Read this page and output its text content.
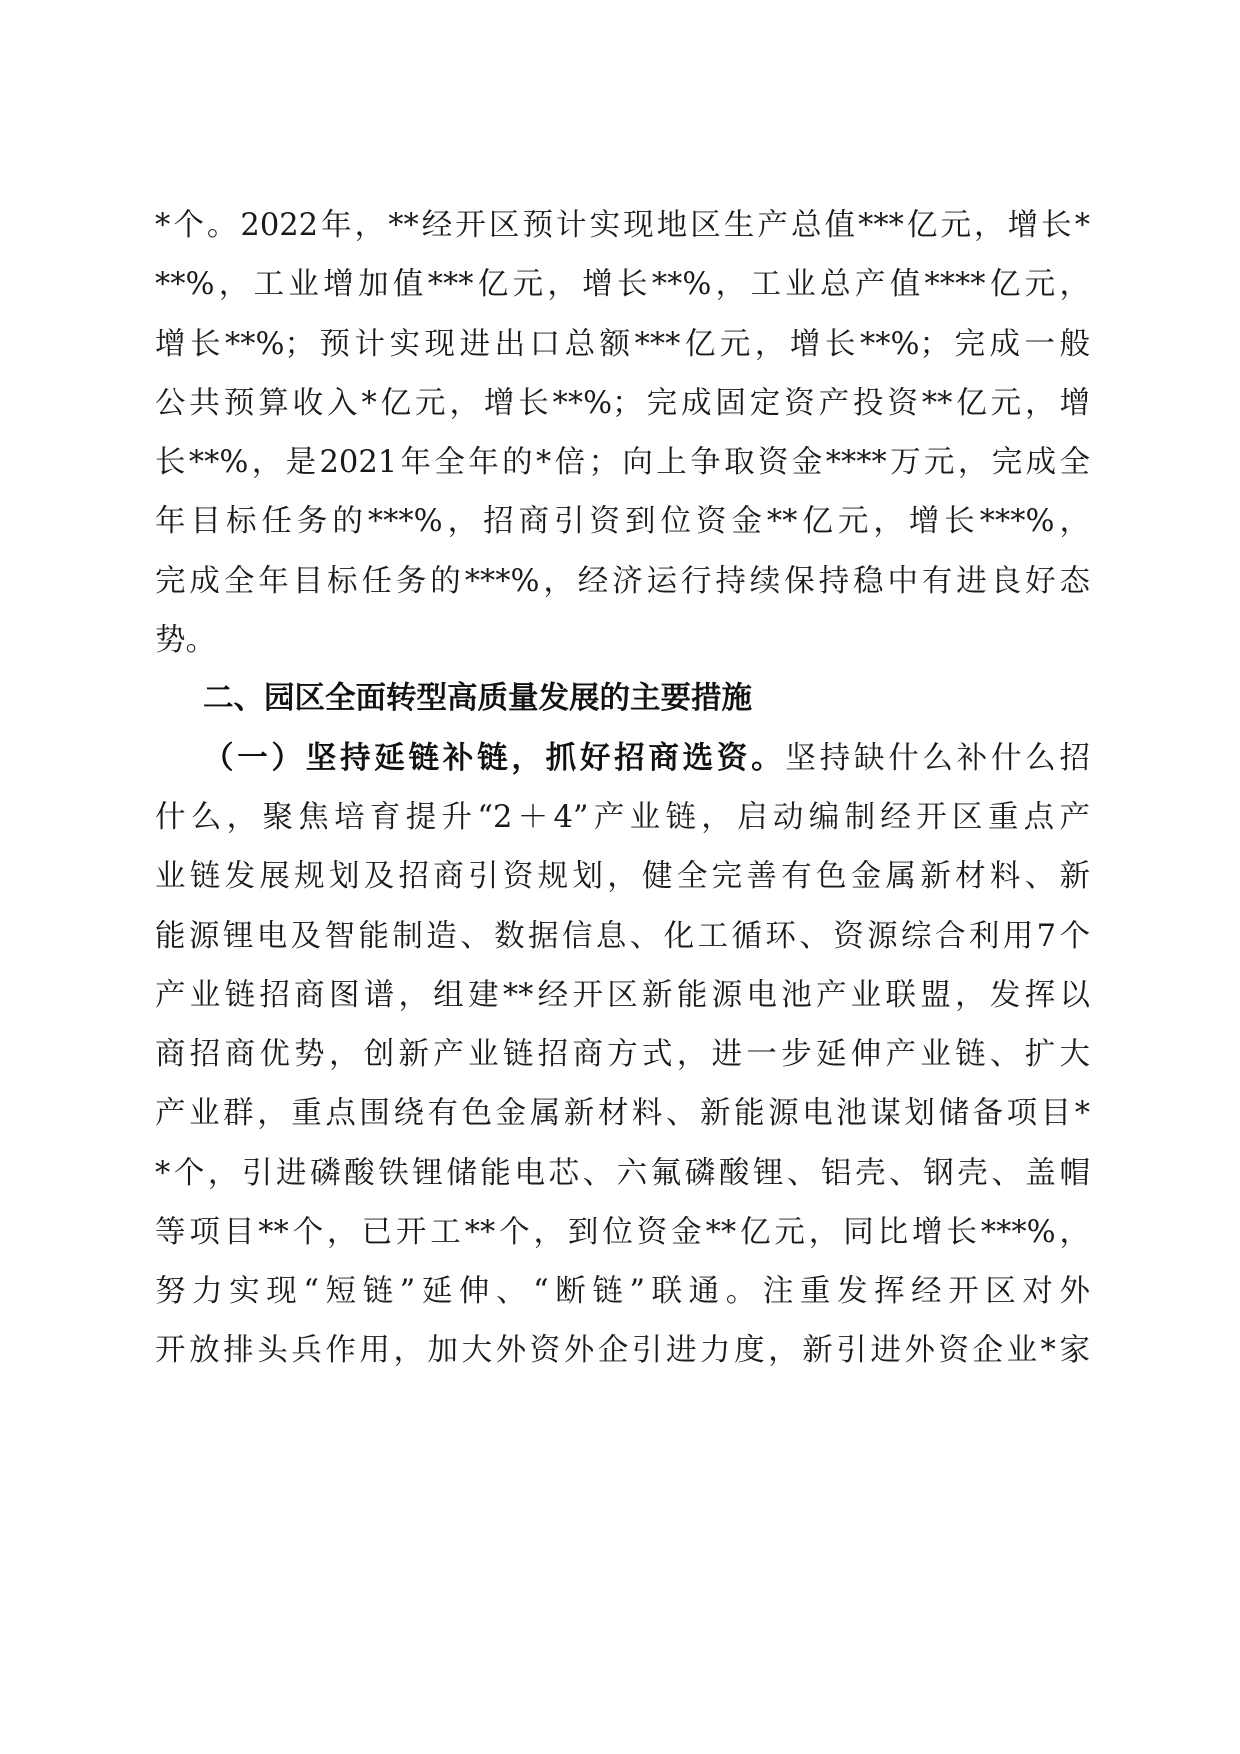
*个。2022年，**经开区预计实现地区生产总值***亿元，增长*
**%，工业增加值***亿元，增长**%，工业总产值****亿元，
增长**%；预计实现进出口总额***亿元，增长**%；完成一般
公共预算收入*亿元，增长**%；完成固定资产投资**亿元，增
长**%，是2021年全年的*倍；向上争取资金****万元，完成全
年目标任务的***%，招商引资到位资金**亿元，增长***%，
完成全年目标任务的***%，经济运行持续保持稳中有进良好态
势。
二、园区全面转型高质量发展的主要措施
（一）坚持延链补链，抓好招商选资。坚持缺什么补什么招
什么，聚焦培育提升“2＋4”产业链，启动编制经开区重点产
业链发展规划及招商引资规划，健全完善有色金属新材料、新
能源锂电及智能制造、数据信息、化工循环、资源综合利用7个
产业链招商图谱，组建**经开区新能源电池产业联盟，发挥以
商招商优势，创新产业链招商方式，进一步延伸产业链、扩大
产业群，重点围绕有色金属新材料、新能源电池谋划储备项目*
*个，引进磷酸铁锂储能电芯、六氟磷酸锂、铝壳、钢壳、盖帽
等项目**个，已开工**个，到位资金**亿元，同比增长***%，
努力实现“短链”延伸、“断链”联通。注重发挥经开区对外
开放排头兵作用，加大外资外企引进力度，新引进外资企业*家
